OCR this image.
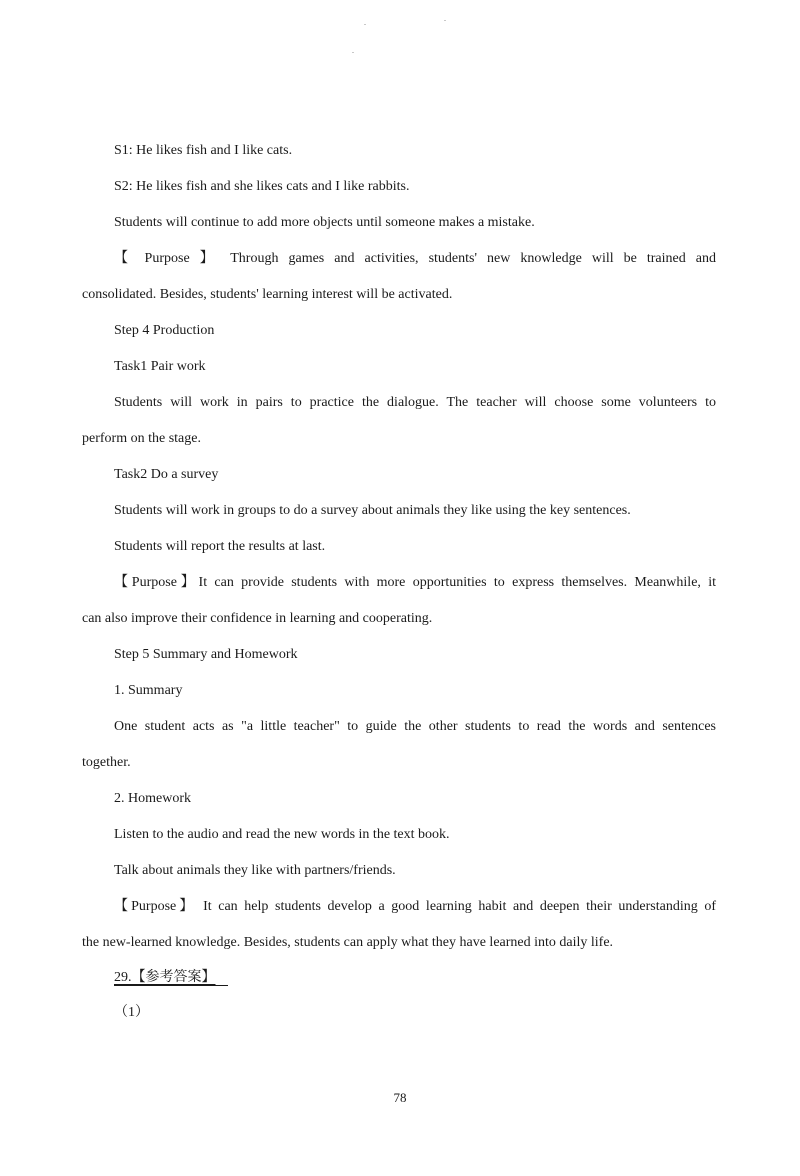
S1: He likes fish and I like cats.
S2: He likes fish and she likes cats and I like rabbits.
Students will continue to add more objects until someone makes a mistake.
【 Purpose 】 Through games and activities, students' new knowledge will be trained and
consolidated. Besides, students' learning interest will be activated.
Step 4 Production
Task1 Pair work
Students will work in pairs to practice the dialogue. The teacher will choose some volunteers to
perform on the stage.
Task2 Do a survey
Students will work in groups to do a survey about animals they like using the key sentences.
Students will report the results at last.
【Purpose】It can provide students with more opportunities to express themselves. Meanwhile, it
can also improve their confidence in learning and cooperating.
Step 5 Summary and Homework
1. Summary
One student acts as "a little teacher" to guide the other students to read the words and sentences
together.
2. Homework
Listen to the audio and read the new words in the text book.
Talk about animals they like with partners/friends.
【Purpose】 It can help students develop a good learning habit and deepen their understanding of
the new-learned knowledge. Besides, students can apply what they have learned into daily life.
29.【参考答案】
（1）
78
